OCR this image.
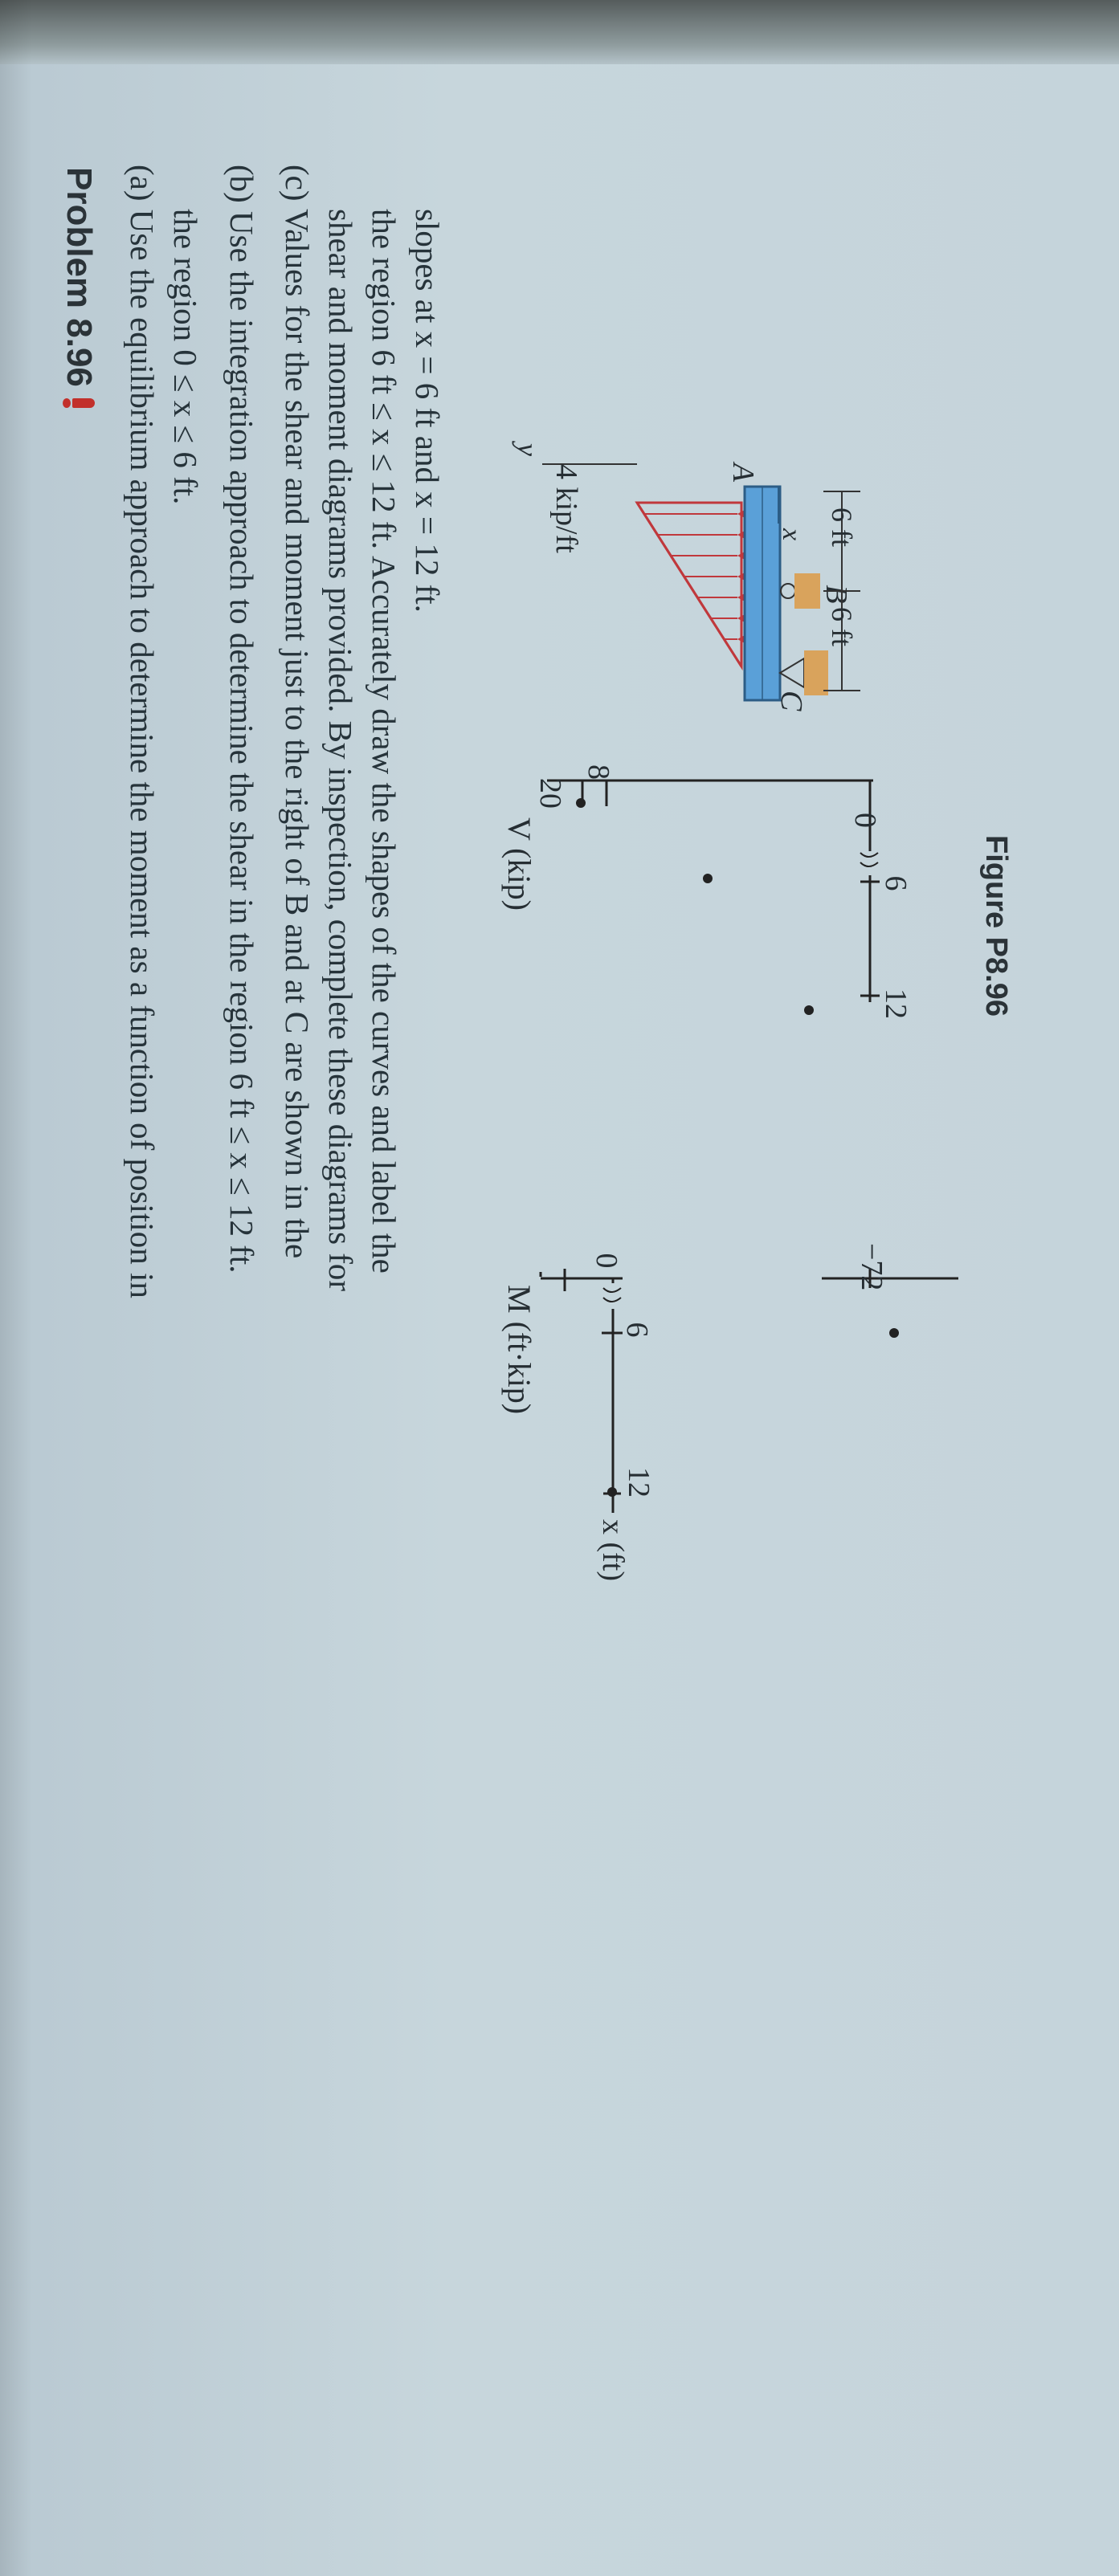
Problem 8.96 (a) Use the equilibrium approach to determine the moment as a function of position in the region 0 ≤ x ≤ 6 ft. (b) Use the integration approach to determine the shear in the region 6 ft ≤ x ≤ 12 ft. (c) Values for the shear and moment just to the right of B and at C are shown in the shear and moment diagrams provided. By inspection, complete these diagrams for the region 6 ft ≤ x ≤ 12 ft. Accurately draw the shapes of the curves and label the slopes at x = 6 ft and x = 12 ft. y
4 kip/ft	A
x
B
C
6 ft
6 ft
V (kip)
20
8
0
6
12
M (ft·kip)
0
6
12
x (ft)
−72
Figure P8.96
